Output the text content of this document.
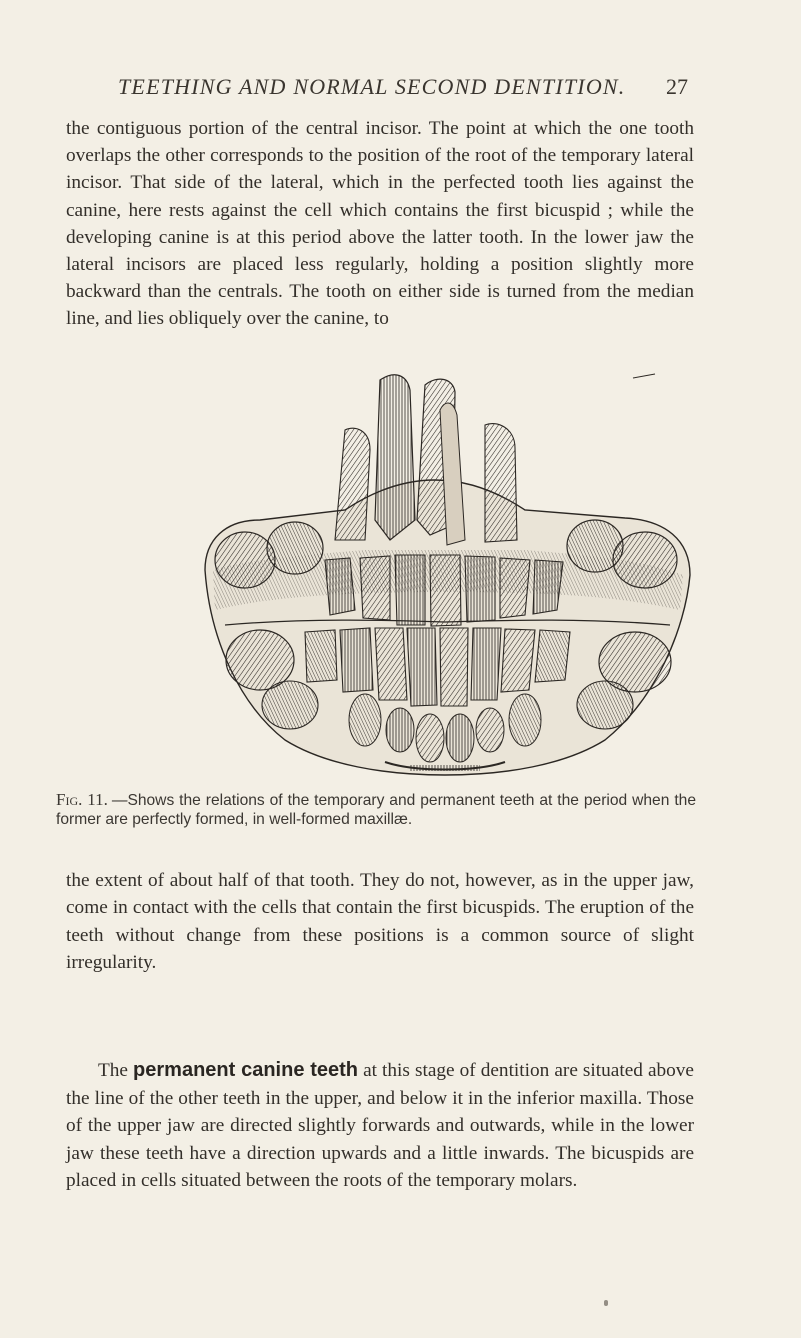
TEETHING AND NORMAL SECOND DENTITION. 27
the contiguous portion of the central incisor. The point at which the one tooth overlaps the other corresponds to the position of the root of the temporary lateral incisor. That side of the lateral, which in the perfected tooth lies against the canine, here rests against the cell which contains the first bicuspid ; while the developing canine is at this period above the latter tooth. In the lower jaw the lateral incisors are placed less regularly, holding a position slightly more backward than the centrals. The tooth on either side is turned from the median line, and lies obliquely over the canine, to
Fig. 11. —Shows the relations of the temporary and permanent teeth at the period when the former are perfectly formed, in well-formed maxillæ.
the extent of about half of that tooth. They do not, however, as in the upper jaw, come in contact with the cells that contain the first bicuspids. The eruption of the teeth without change from these positions is a common source of slight irregularity.
The permanent canine teeth at this stage of dentition are situated above the line of the other teeth in the upper, and below it in the inferior maxilla. Those of the upper jaw are directed slightly forwards and outwards, while in the lower jaw these teeth have a direction upwards and a little inwards. The bicuspids are placed in cells situated between the roots of the temporary molars.
